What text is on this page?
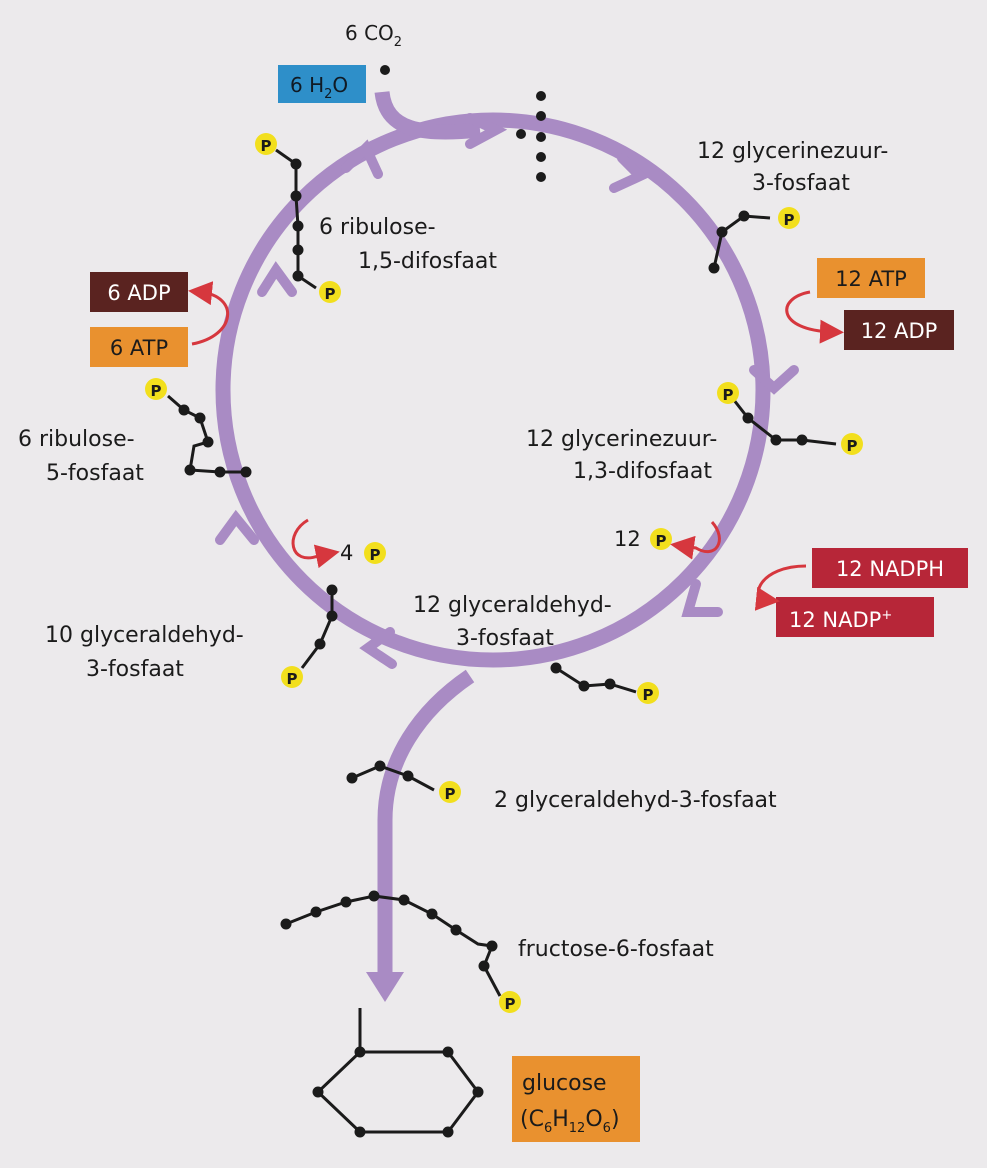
6 $CO_2$
6 $H_2O$
12 glycerinezuur-
3-fosfaat
P
12 ATP
12 ADP
P
P
12 glycerinezuur-
1,3-difosfaat
12 P
12 NADPH
12 NADP+
12 glyceraldehyd-
3-fosfaat
P
P 2 glyceraldehyd-3-fosfaat
P
fructose-6-fosfaat
glucose
$(C_6H_{12}O_6)$
10 glyceraldehyd-
3-fosfaat	P
4 P
6 ribulose-
5-fosfaat
P
6 ADP
6 ATP
6 ribulose-
1,5-difosfaat
P
P
